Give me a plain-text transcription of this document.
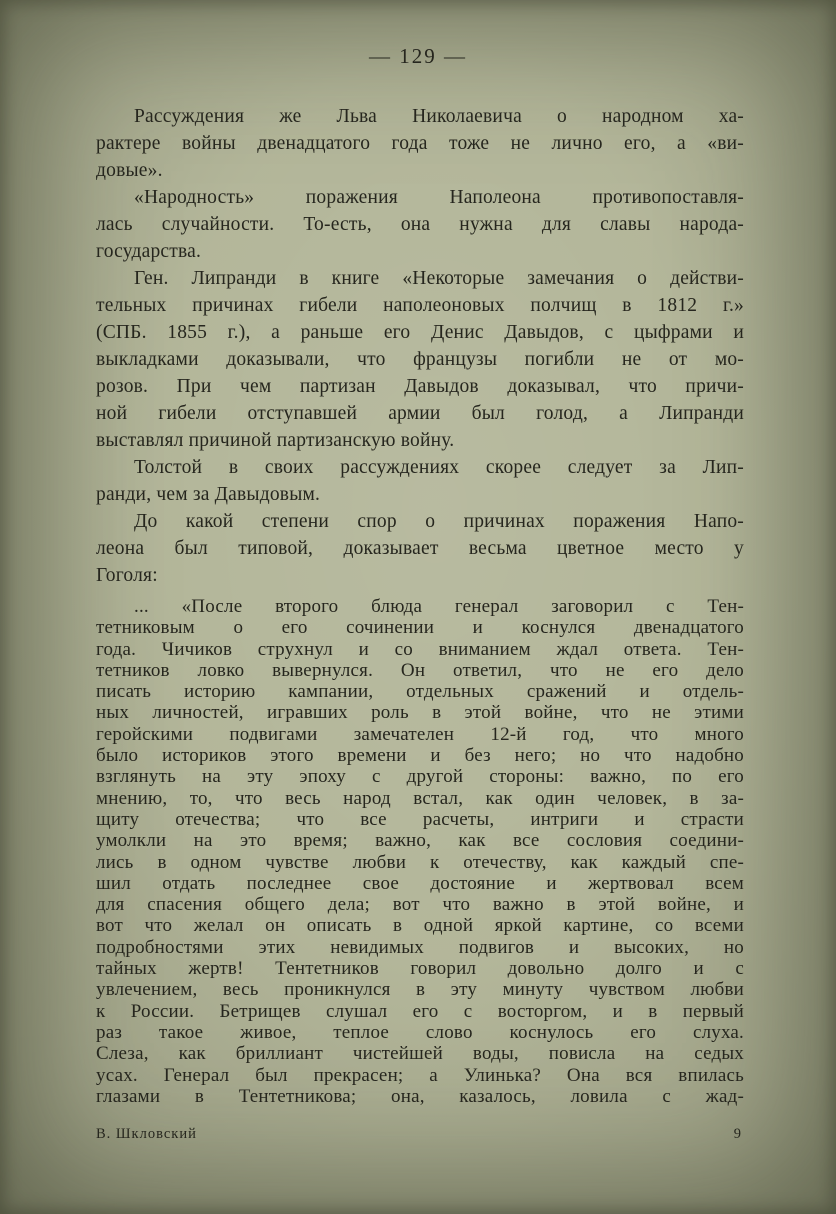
— 129 —
Рассуждения же Льва Николаевича о народном ха-
рактере войны двенадцатого года тоже не лично его, а «ви-
довые».
«Народность» поражения Наполеона противопоставля-
лась случайности. То-есть, она нужна для славы народа-
государства.
Ген. Липранди в книге «Некоторые замечания о действи-
тельных причинах гибели наполеоновых полчищ в 1812 г.»
(СПБ. 1855 г.), а раньше его Денис Давыдов, с цыфрами и
выкладками доказывали, что французы погибли не от мо-
розов. При чем партизан Давыдов доказывал, что причи-
ной гибели отступавшей армии был голод, а Липранди
выставлял причиной партизанскую войну.
Толстой в своих рассуждениях скорее следует за Лип-
ранди, чем за Давыдовым.
До какой степени спор о причинах поражения Напо-
леона был типовой, доказывает весьма цветное место у
Гоголя:
... «После второго блюда генерал заговорил с Тен-
тетниковым о его сочинении и коснулся двенадцатого
года. Чичиков струхнул и со вниманием ждал ответа. Тен-
тетников ловко вывернулся. Он ответил, что не его дело
писать историю кампании, отдельных сражений и отдель-
ных личностей, игравших роль в этой войне, что не этими
геройскими подвигами замечателен 12-й год, что много
было историков этого времени и без него; но что надобно
взглянуть на эту эпоху с другой стороны: важно, по его
мнению, то, что весь народ встал, как один человек, в за-
щиту отечества; что все расчеты, интриги и страсти
умолкли на это время; важно, как все сословия соедини-
лись в одном чувстве любви к отечеству, как каждый спе-
шил отдать последнее свое достояние и жертвовал всем
для спасения общего дела; вот что важно в этой войне, и
вот что желал он описать в одной яркой картине, со всеми
подробностями этих невидимых подвигов и высоких, но
тайных жертв! Тентетников говорил довольно долго и с
увлечением, весь проникнулся в эту минуту чувством любви
к России. Бетрищев слушал его с восторгом, и в первый
раз такое живое, теплое слово коснулось его слуха.
Слеза, как бриллиант чистейшей воды, повисла на седых
усах. Генерал был прекрасен; а Улинька? Она вся впилась
глазами в Тентетникова; она, казалось, ловила с жад-
В. Шкловский	9
